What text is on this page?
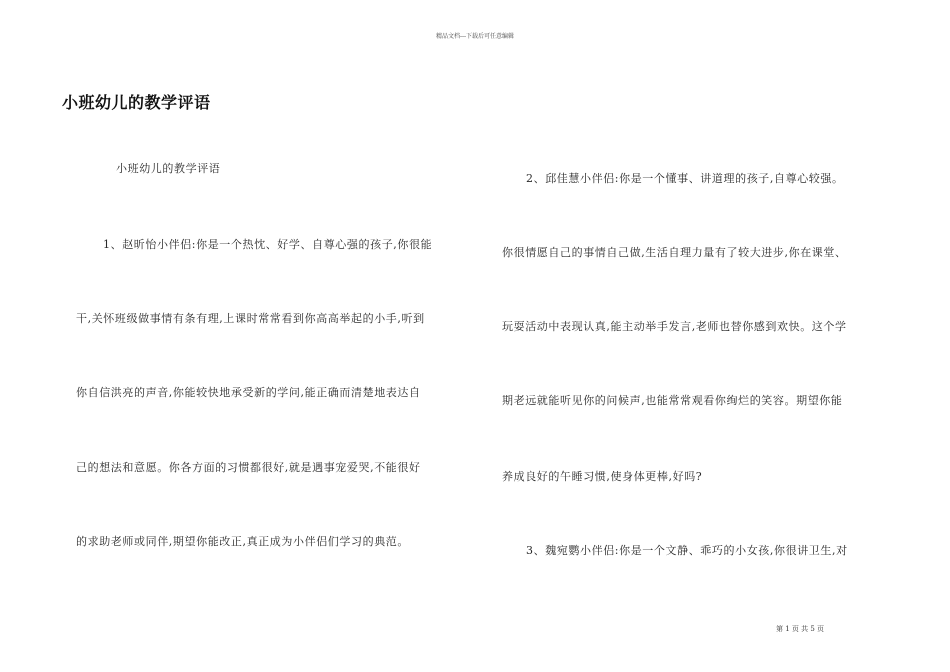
精品文档---下载后可任意编辑
小班幼儿的教学评语
小班幼儿的教学评语
1、赵昕怡小伴侣:你是一个热忱、好学、自尊心强的孩子,你很能
干,关怀班级做事情有条有理,上课时常常看到你高高举起的小手,听到
你自信洪亮的声音,你能较快地承受新的学问,能正确而清楚地表达自
己的想法和意愿。你各方面的习惯都很好,就是遇事宠爱哭,不能很好
的求助老师或同伴,期望你能改正,真正成为小伴侣们学习的典范。
2、邱佳慧小伴侣:你是一个懂事、讲道理的孩子,自尊心较强。
你很情愿自己的事情自己做,生活自理力量有了较大进步,你在课堂、
玩耍活动中表现认真,能主动举手发言,老师也替你感到欢快。这个学
期老远就能听见你的问候声,也能常常观看你绚烂的笑容。期望你能
养成良好的午睡习惯,使身体更棒,好吗?
3、魏宛鹦小伴侣:你是一个文静、乖巧的小女孩,你很讲卫生,对
第 1 页 共 5 页
